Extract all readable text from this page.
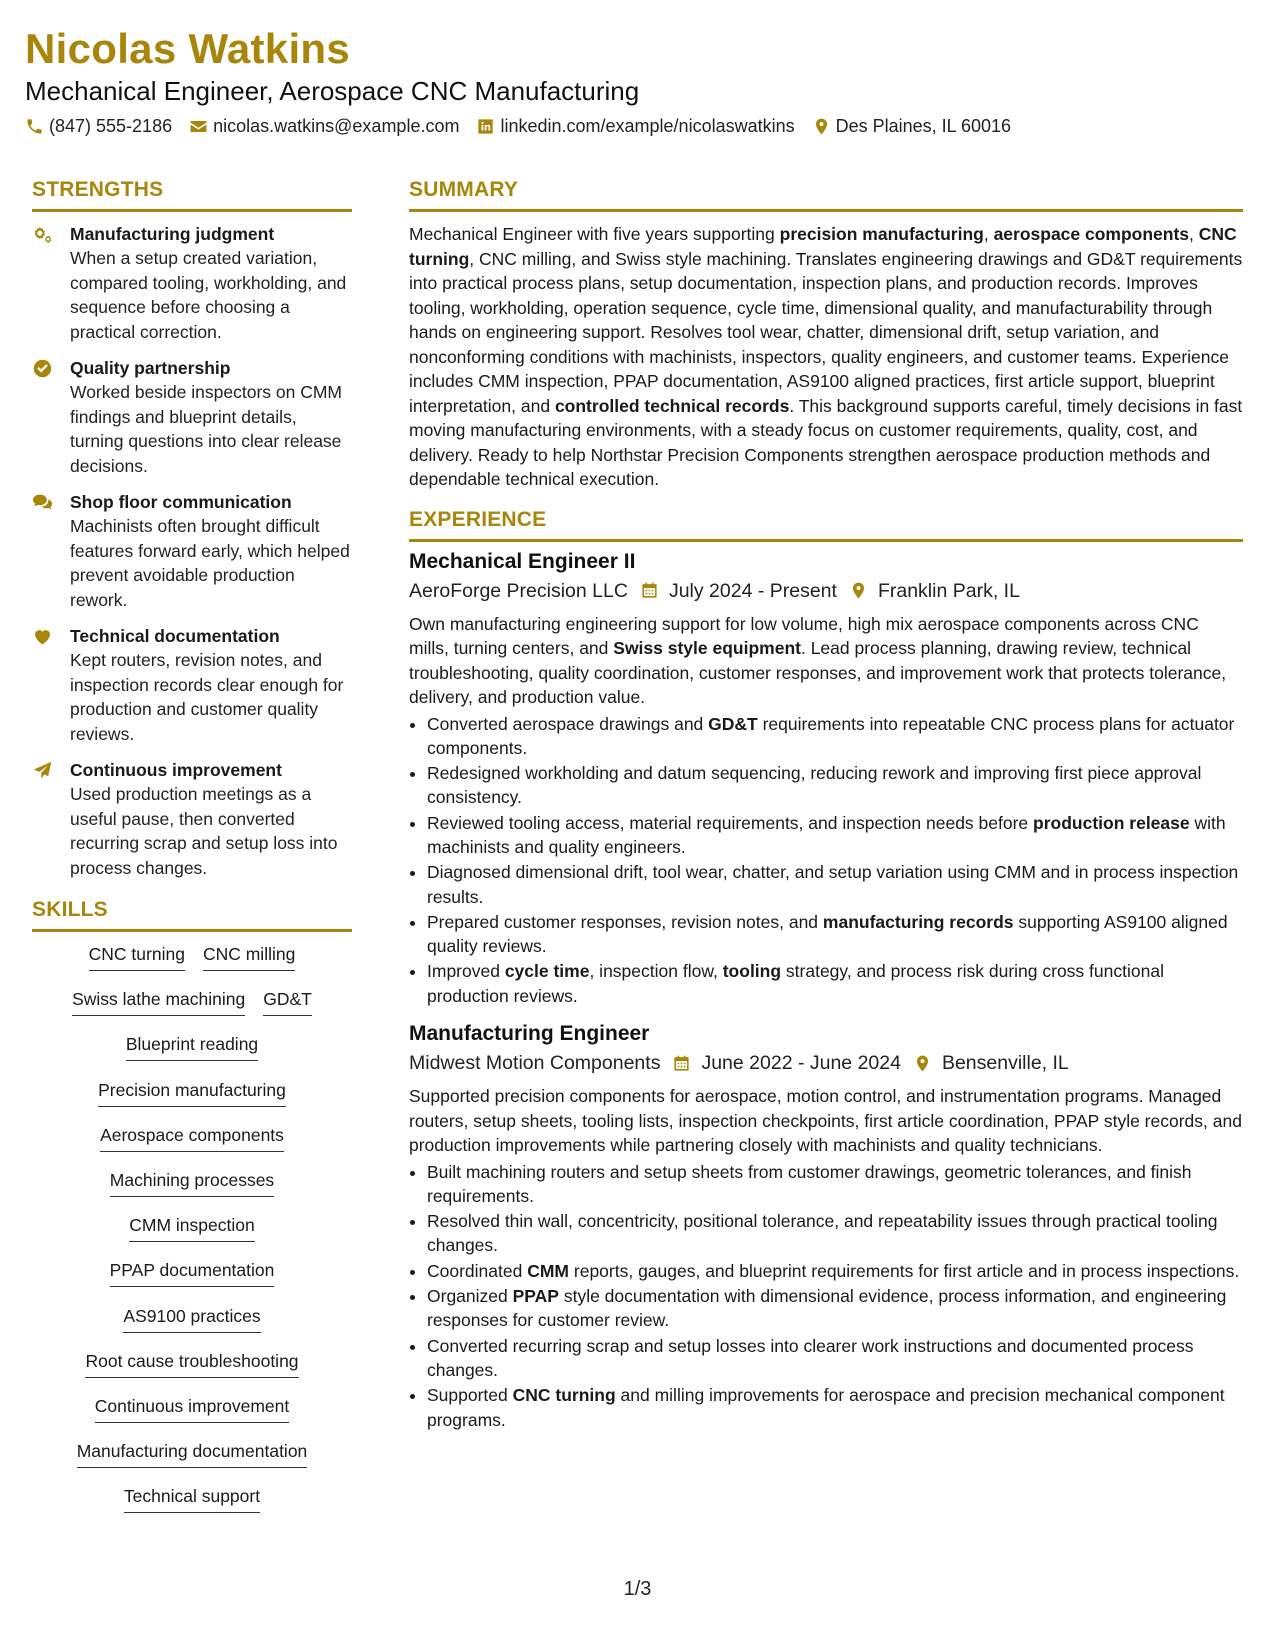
Nicolas Watkins
Mechanical Engineer, Aerospace CNC Manufacturing
(847) 555-2186 nicolas.watkins@example.com linkedin.com/example/nicolaswatkins Des Plaines, IL 60016
STRENGTHS
Manufacturing judgment
When a setup created variation, compared tooling, workholding, and sequence before choosing a practical correction.
Quality partnership
Worked beside inspectors on CMM findings and blueprint details, turning questions into clear release decisions.
Shop floor communication
Machinists often brought difficult features forward early, which helped prevent avoidable production rework.
Technical documentation
Kept routers, revision notes, and inspection records clear enough for production and customer quality reviews.
Continuous improvement
Used production meetings as a useful pause, then converted recurring scrap and setup loss into process changes.
SKILLS
CNC turning CNC milling
Swiss lathe machining GD&T
Blueprint reading
Precision manufacturing
Aerospace components
Machining processes
CMM inspection
PPAP documentation
AS9100 practices
Root cause troubleshooting
Continuous improvement
Manufacturing documentation
Technical support
SUMMARY
Mechanical Engineer with five years supporting precision manufacturing, aerospace components, CNC turning, CNC milling, and Swiss style machining. Translates engineering drawings and GD&T requirements into practical process plans, setup documentation, inspection plans, and production records. Improves tooling, workholding, operation sequence, cycle time, dimensional quality, and manufacturability through hands on engineering support. Resolves tool wear, chatter, dimensional drift, setup variation, and nonconforming conditions with machinists, inspectors, quality engineers, and customer teams. Experience includes CMM inspection, PPAP documentation, AS9100 aligned practices, first article support, blueprint interpretation, and controlled technical records. This background supports careful, timely decisions in fast moving manufacturing environments, with a steady focus on customer requirements, quality, cost, and delivery. Ready to help Northstar Precision Components strengthen aerospace production methods and dependable technical execution.
EXPERIENCE
Mechanical Engineer II
AeroForge Precision LLC July 2024 - Present Franklin Park, IL
Own manufacturing engineering support for low volume, high mix aerospace components across CNC mills, turning centers, and Swiss style equipment. Lead process planning, drawing review, technical troubleshooting, quality coordination, customer responses, and improvement work that protects tolerance, delivery, and production value.
• Converted aerospace drawings and GD&T requirements into repeatable CNC process plans for actuator components.
• Redesigned workholding and datum sequencing, reducing rework and improving first piece approval consistency.
• Reviewed tooling access, material requirements, and inspection needs before production release with machinists and quality engineers.
• Diagnosed dimensional drift, tool wear, chatter, and setup variation using CMM and in process inspection results.
• Prepared customer responses, revision notes, and manufacturing records supporting AS9100 aligned quality reviews.
• Improved cycle time, inspection flow, tooling strategy, and process risk during cross functional production reviews.
Manufacturing Engineer
Midwest Motion Components June 2022 - June 2024 Bensenville, IL
Supported precision components for aerospace, motion control, and instrumentation programs. Managed routers, setup sheets, tooling lists, inspection checkpoints, first article coordination, PPAP style records, and production improvements while partnering closely with machinists and quality technicians.
• Built machining routers and setup sheets from customer drawings, geometric tolerances, and finish requirements.
• Resolved thin wall, concentricity, positional tolerance, and repeatability issues through practical tooling changes.
• Coordinated CMM reports, gauges, and blueprint requirements for first article and in process inspections.
• Organized PPAP style documentation with dimensional evidence, process information, and engineering responses for customer review.
• Converted recurring scrap and setup losses into clearer work instructions and documented process changes.
• Supported CNC turning and milling improvements for aerospace and precision mechanical component programs.
1/3
